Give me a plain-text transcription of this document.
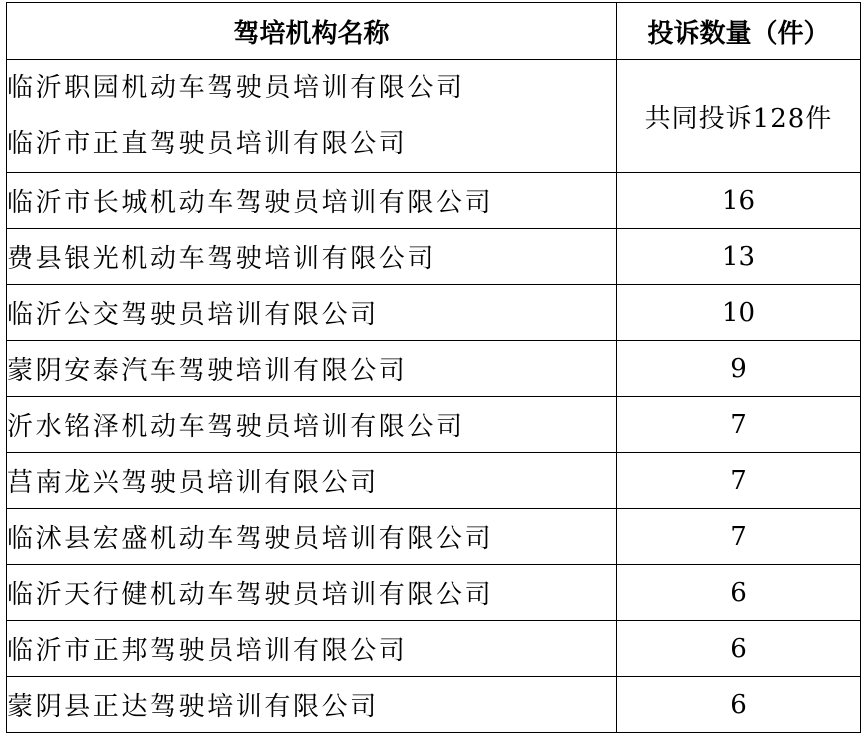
驾培机构名称	投诉数量（件）

临沂职园机动车驾驶员培训有限公司
临沂市正直驾驶员培训有限公司	共同投诉128件
临沂市长城机动车驾驶员培训有限公司	16
费县银光机动车驾驶培训有限公司	13
临沂公交驾驶员培训有限公司	10
蒙阴安泰汽车驾驶培训有限公司	9
沂水铭泽机动车驾驶员培训有限公司	7
莒南龙兴驾驶员培训有限公司	7
临沭县宏盛机动车驾驶员培训有限公司	7
临沂天行健机动车驾驶员培训有限公司	6
临沂市正邦驾驶员培训有限公司	6
蒙阴县正达驾驶培训有限公司	6
